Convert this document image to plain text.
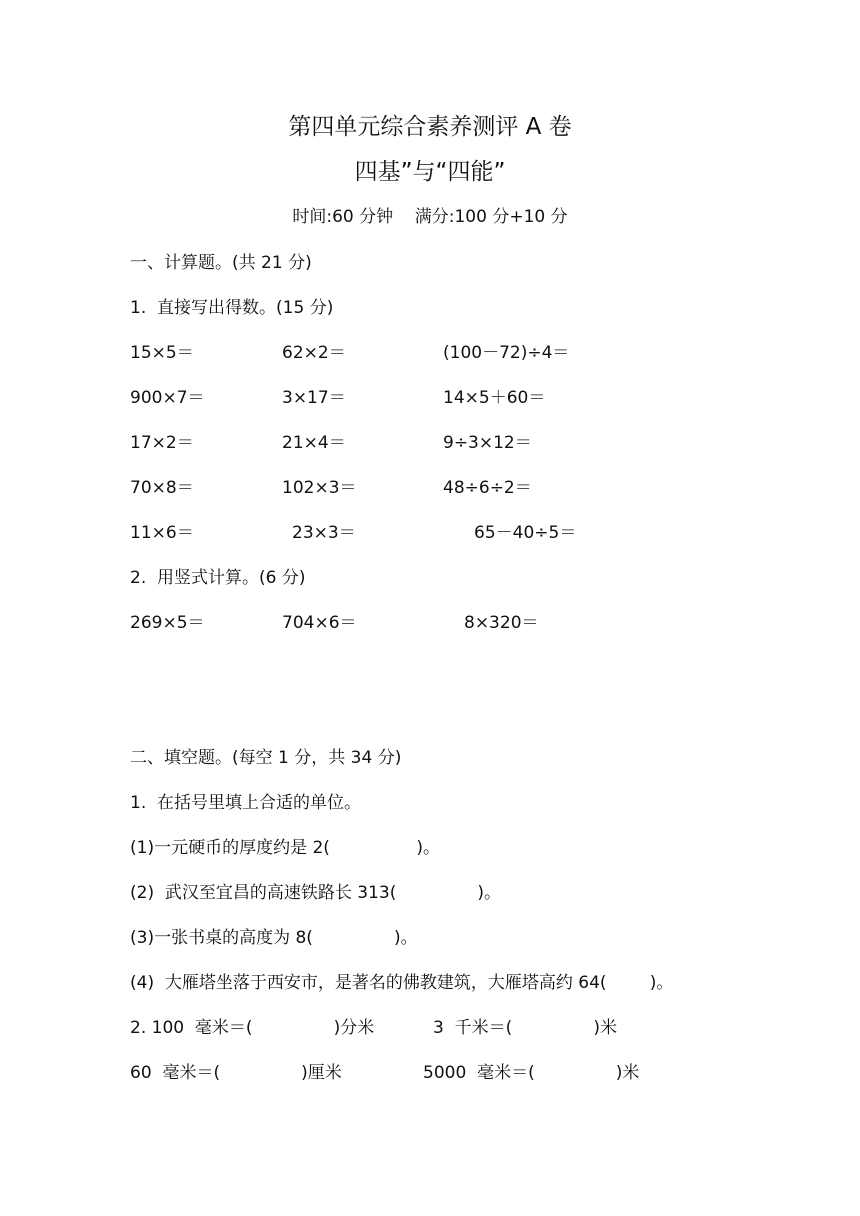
第四单元综合素养测评 A 卷
四基”与“四能”
时间:60 分钟    满分:100 分+10 分
一、计算题。(共 21 分)
1.  直接写出得数。(15 分)
15×5＝	62×2＝	(100－72)÷4＝
900×7＝	3×17＝	14×5＋60＝
17×2＝	21×4＝	9÷3×12＝
70×8＝	102×3＝	48÷6÷2＝
11×6＝	23×3＝	65－40÷5＝
2.  用竖式计算。(6 分)
269×5＝	704×6＝	8×320＝
二、填空题。(每空 1 分，共 34 分)
1.  在括号里填上合适的单位。
(1)一元硬币的厚度约是 2(                )。
(2)  武汉至宜昌的高速铁路长 313(               )。
(3)一张书桌的高度为 8(               )。
(4)  大雁塔坐落于西安市，是著名的佛教建筑，大雁塔高约 64(        )。
2. 100  毫米＝(               )分米	3  千米＝(               )米
60  毫米＝(               )厘米	5000  毫米＝(               )米
